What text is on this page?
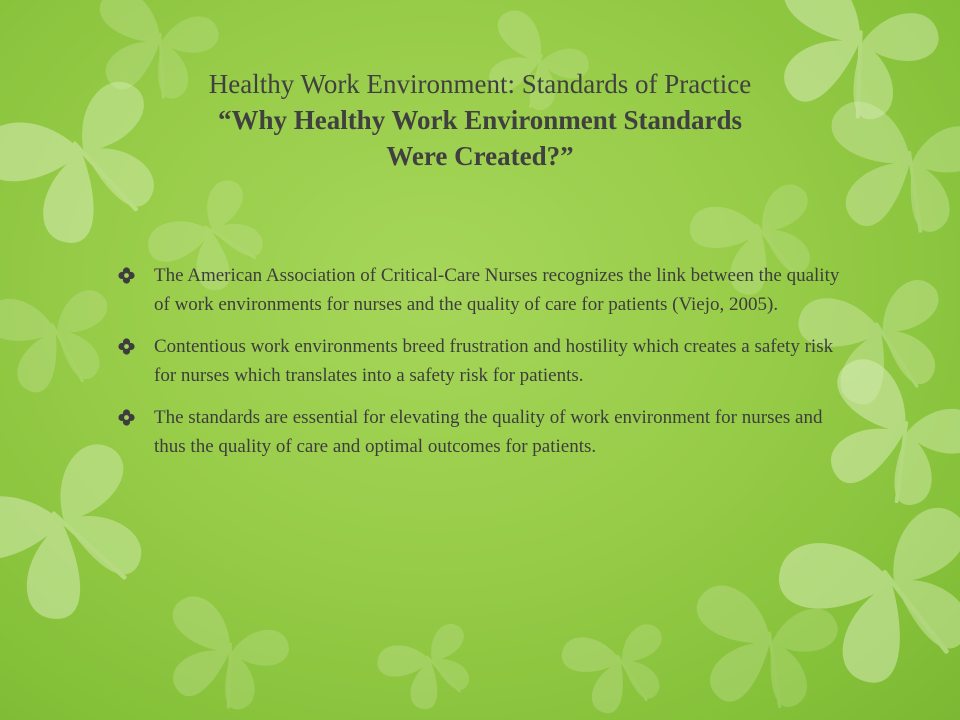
Healthy Work Environment: Standards of Practice
“Why Healthy Work Environment Standards
Were Created?”
The American Association of Critical-Care Nurses recognizes the link between the quality of work environments for nurses and the quality of care for patients (Viejo, 2005).
Contentious work environments breed frustration and hostility which creates a safety risk for nurses which translates into a safety risk for patients.
The standards are essential for elevating the quality of work environment for nurses and thus the quality of care and optimal outcomes for patients.
